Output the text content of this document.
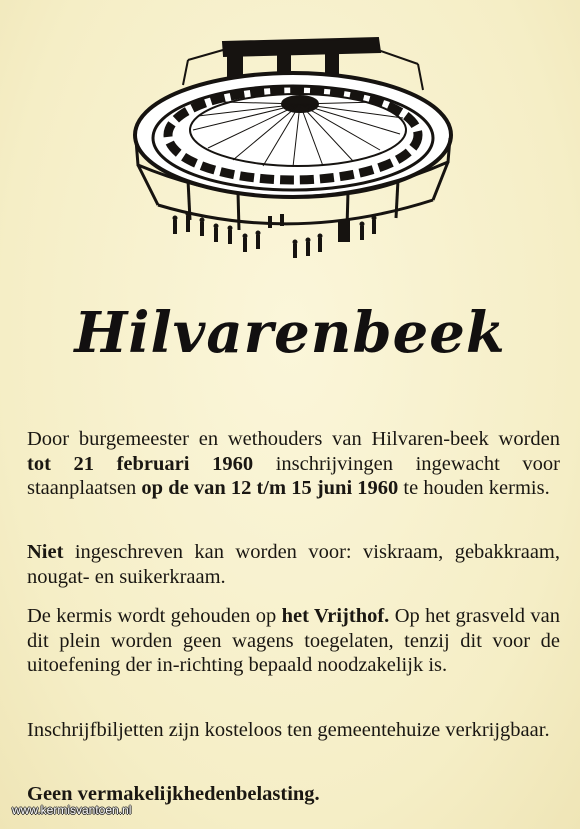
Hilvarenbeek
Door burgemeester en wethouders van Hilvaren-beek worden tot 21 februari 1960 inschrijvingen ingewacht voor staanplaatsen op de van 12 t/m 15 juni 1960 te houden kermis.
Niet ingeschreven kan worden voor: viskraam, gebakkraam, nougat- en suikerkraam.
De kermis wordt gehouden op het Vrijthof. Op het grasveld van dit plein worden geen wagens toegelaten, tenzij dit voor de uitoefening der in-richting bepaald noodzakelijk is.
Inschrijfbiljetten zijn kosteloos ten gemeentehuize verkrijgbaar.
Geen vermakelijkhedenbelasting.
www.kermisvantoen.nl
